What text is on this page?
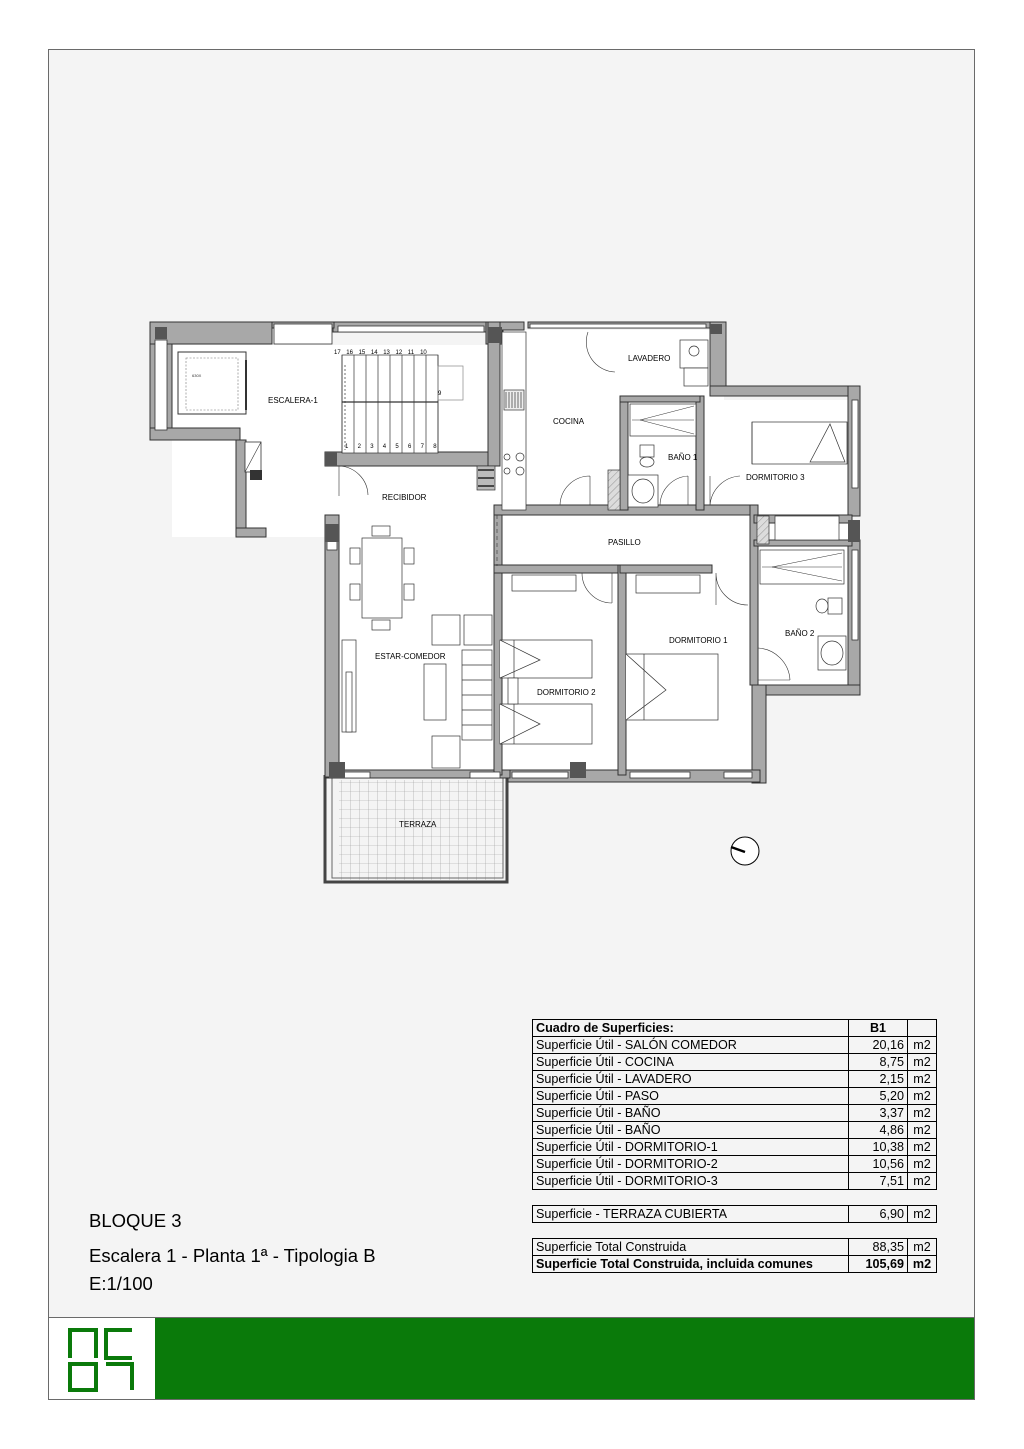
630X
17 16 15 14 13 12 11 10
1 2 3 4 5 6 7 8
9
ESCALERA-1
COCINA
LAVADERO
BAÑO 1
DORMITORIO 3
RECIBIDOR
PASILLO
ESTAR-COMEDOR
DORMITORIO 2
DORMITORIO 1
BAÑO 2
TERRAZA
Cuadro de Superficies:	B1	
Superficie Útil - SALÓN COMEDOR	20,16	m2
Superficie Útil - COCINA	8,75	m2
Superficie Útil - LAVADERO	2,15	m2
Superficie Útil - PASO	5,20	m2
Superficie Útil - BAÑO	3,37	m2
Superficie Útil - BAÑO	4,86	m2
Superficie Útil - DORMITORIO-1	10,38	m2
Superficie Útil - DORMITORIO-2	10,56	m2
Superficie Útil - DORMITORIO-3	7,51	m2

Superficie - TERRAZA CUBIERTA	6,90	m2

Superficie Total Construida	88,35	m2
Superficie Total Construida, incluida comunes	105,69	m2
BLOQUE 3
Escalera 1 - Planta 1ª - Tipologia B
E:1/100
